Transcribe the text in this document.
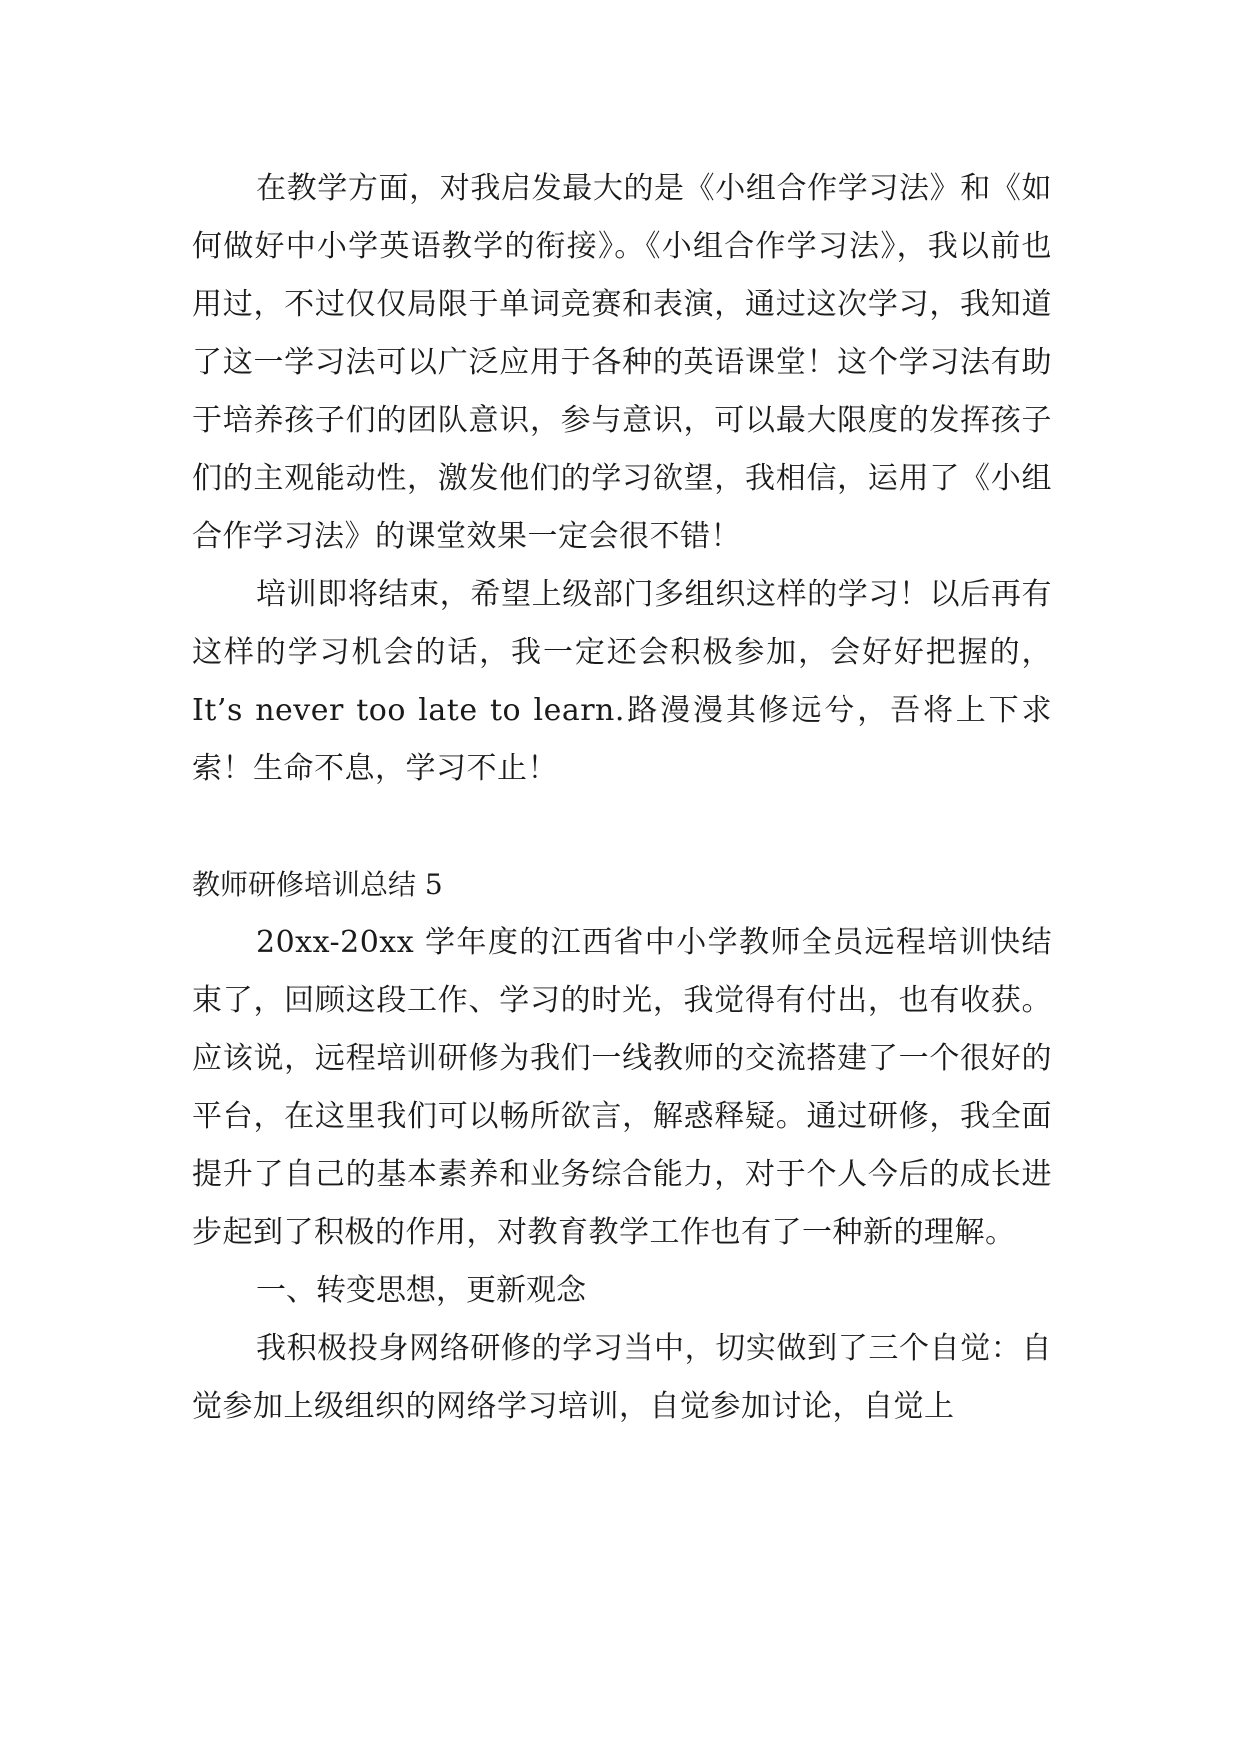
在教学方面，对我启发最大的是《小组合作学习法》和《如何做好中小学英语教学的衔接》。《小组合作学习法》，我以前也用过，不过仅仅局限于单词竞赛和表演，通过这次学习，我知道了这一学习法可以广泛应用于各种的英语课堂！这个学习法有助于培养孩子们的团队意识，参与意识，可以最大限度的发挥孩子们的主观能动性，激发他们的学习欲望，我相信，运用了《小组合作学习法》的课堂效果一定会很不错！

培训即将结束，希望上级部门多组织这样的学习！以后再有这样的学习机会的话，我一定还会积极参加，会好好把握的，It’s never too late to learn.路漫漫其修远兮，吾将上下求索！生命不息，学习不止！

教师研修培训总结 5

20xx-20xx 学年度的江西省中小学教师全员远程培训快结束了，回顾这段工作、学习的时光，我觉得有付出，也有收获。应该说，远程培训研修为我们一线教师的交流搭建了一个很好的平台，在这里我们可以畅所欲言，解惑释疑。通过研修，我全面提升了自己的基本素养和业务综合能力，对于个人今后的成长进步起到了积极的作用，对教育教学工作也有了一种新的理解。

一、转变思想，更新观念

我积极投身网络研修的学习当中，切实做到了三个自觉：自觉参加上级组织的网络学习培训，自觉参加讨论，自觉上
